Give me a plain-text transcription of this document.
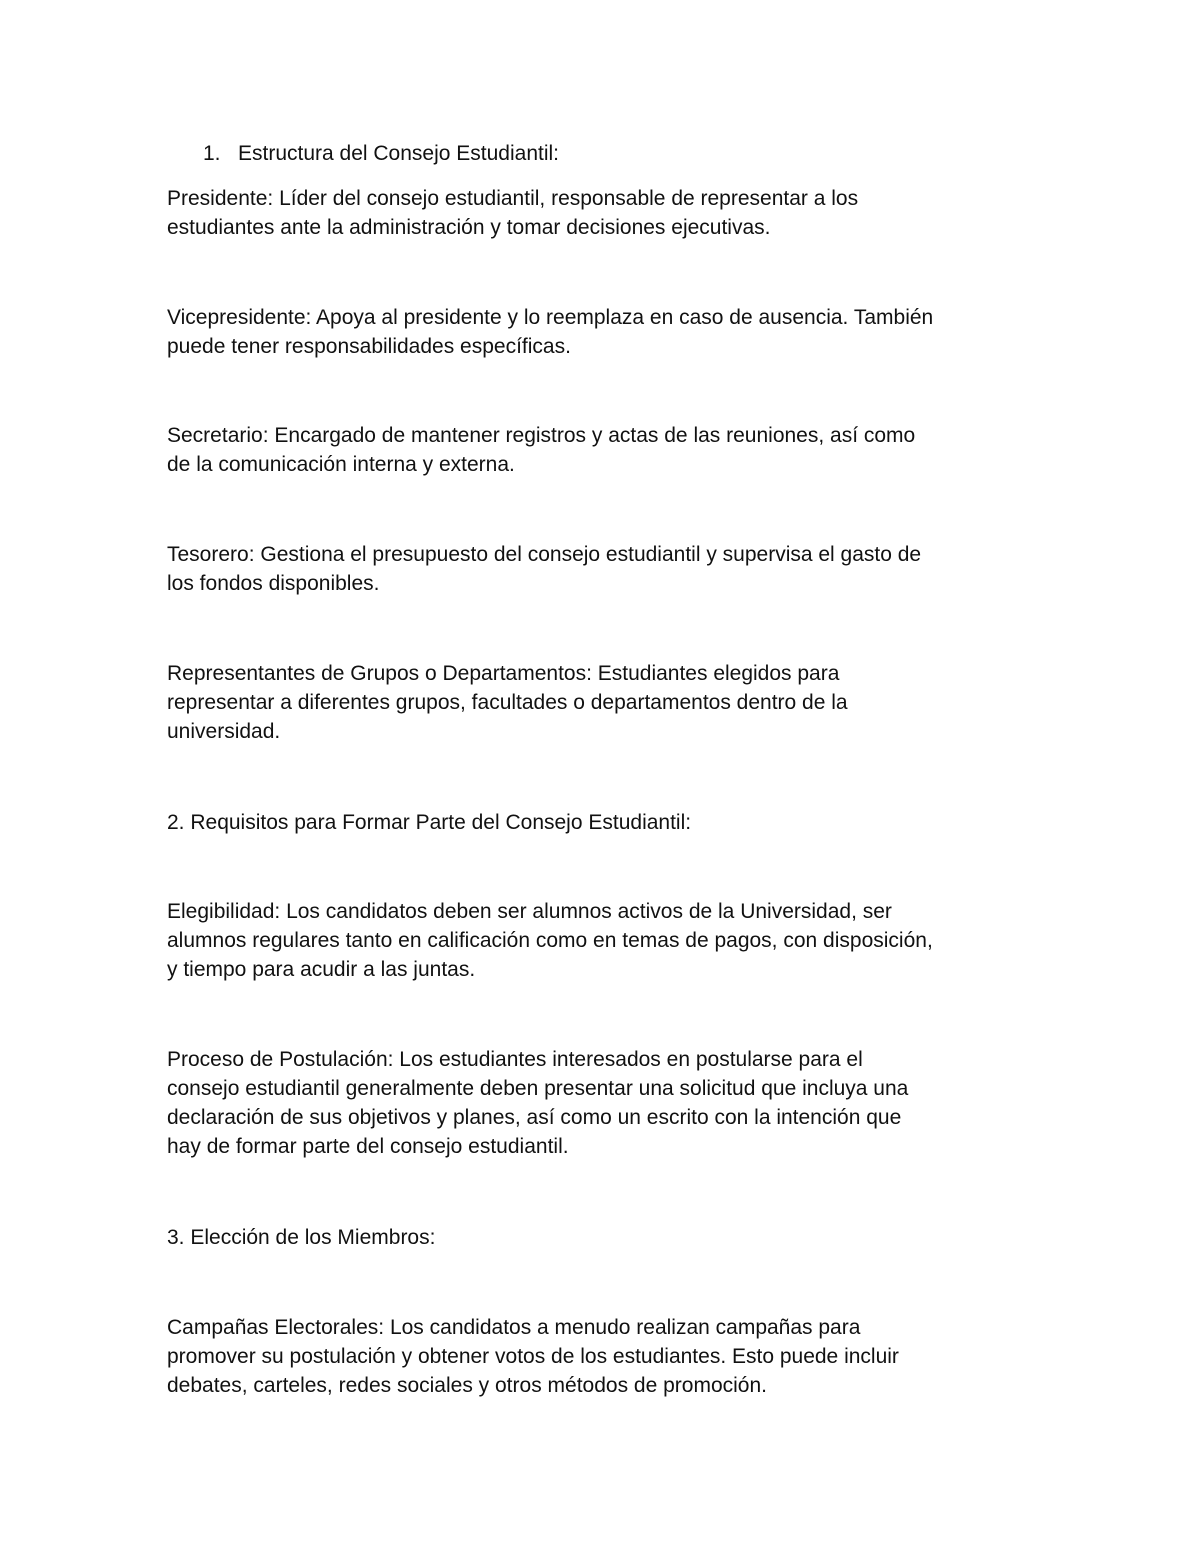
1. Estructura del Consejo Estudiantil:

Presidente: Líder del consejo estudiantil, responsable de representar a los
estudiantes ante la administración y tomar decisiones ejecutivas.

Vicepresidente: Apoya al presidente y lo reemplaza en caso de ausencia. También
puede tener responsabilidades específicas.

Secretario: Encargado de mantener registros y actas de las reuniones, así como
de la comunicación interna y externa.

Tesorero: Gestiona el presupuesto del consejo estudiantil y supervisa el gasto de
los fondos disponibles.

Representantes de Grupos o Departamentos: Estudiantes elegidos para
representar a diferentes grupos, facultades o departamentos dentro de la
universidad.

2. Requisitos para Formar Parte del Consejo Estudiantil:

Elegibilidad: Los candidatos deben ser alumnos activos de la Universidad, ser
alumnos regulares tanto en calificación como en temas de pagos, con disposición,
y tiempo para acudir a las juntas.

Proceso de Postulación: Los estudiantes interesados en postularse para el
consejo estudiantil generalmente deben presentar una solicitud que incluya una
declaración de sus objetivos y planes, así como un escrito con la intención que
hay de formar parte del consejo estudiantil.

3. Elección de los Miembros:

Campañas Electorales: Los candidatos a menudo realizan campañas para
promover su postulación y obtener votos de los estudiantes. Esto puede incluir
debates, carteles, redes sociales y otros métodos de promoción.
